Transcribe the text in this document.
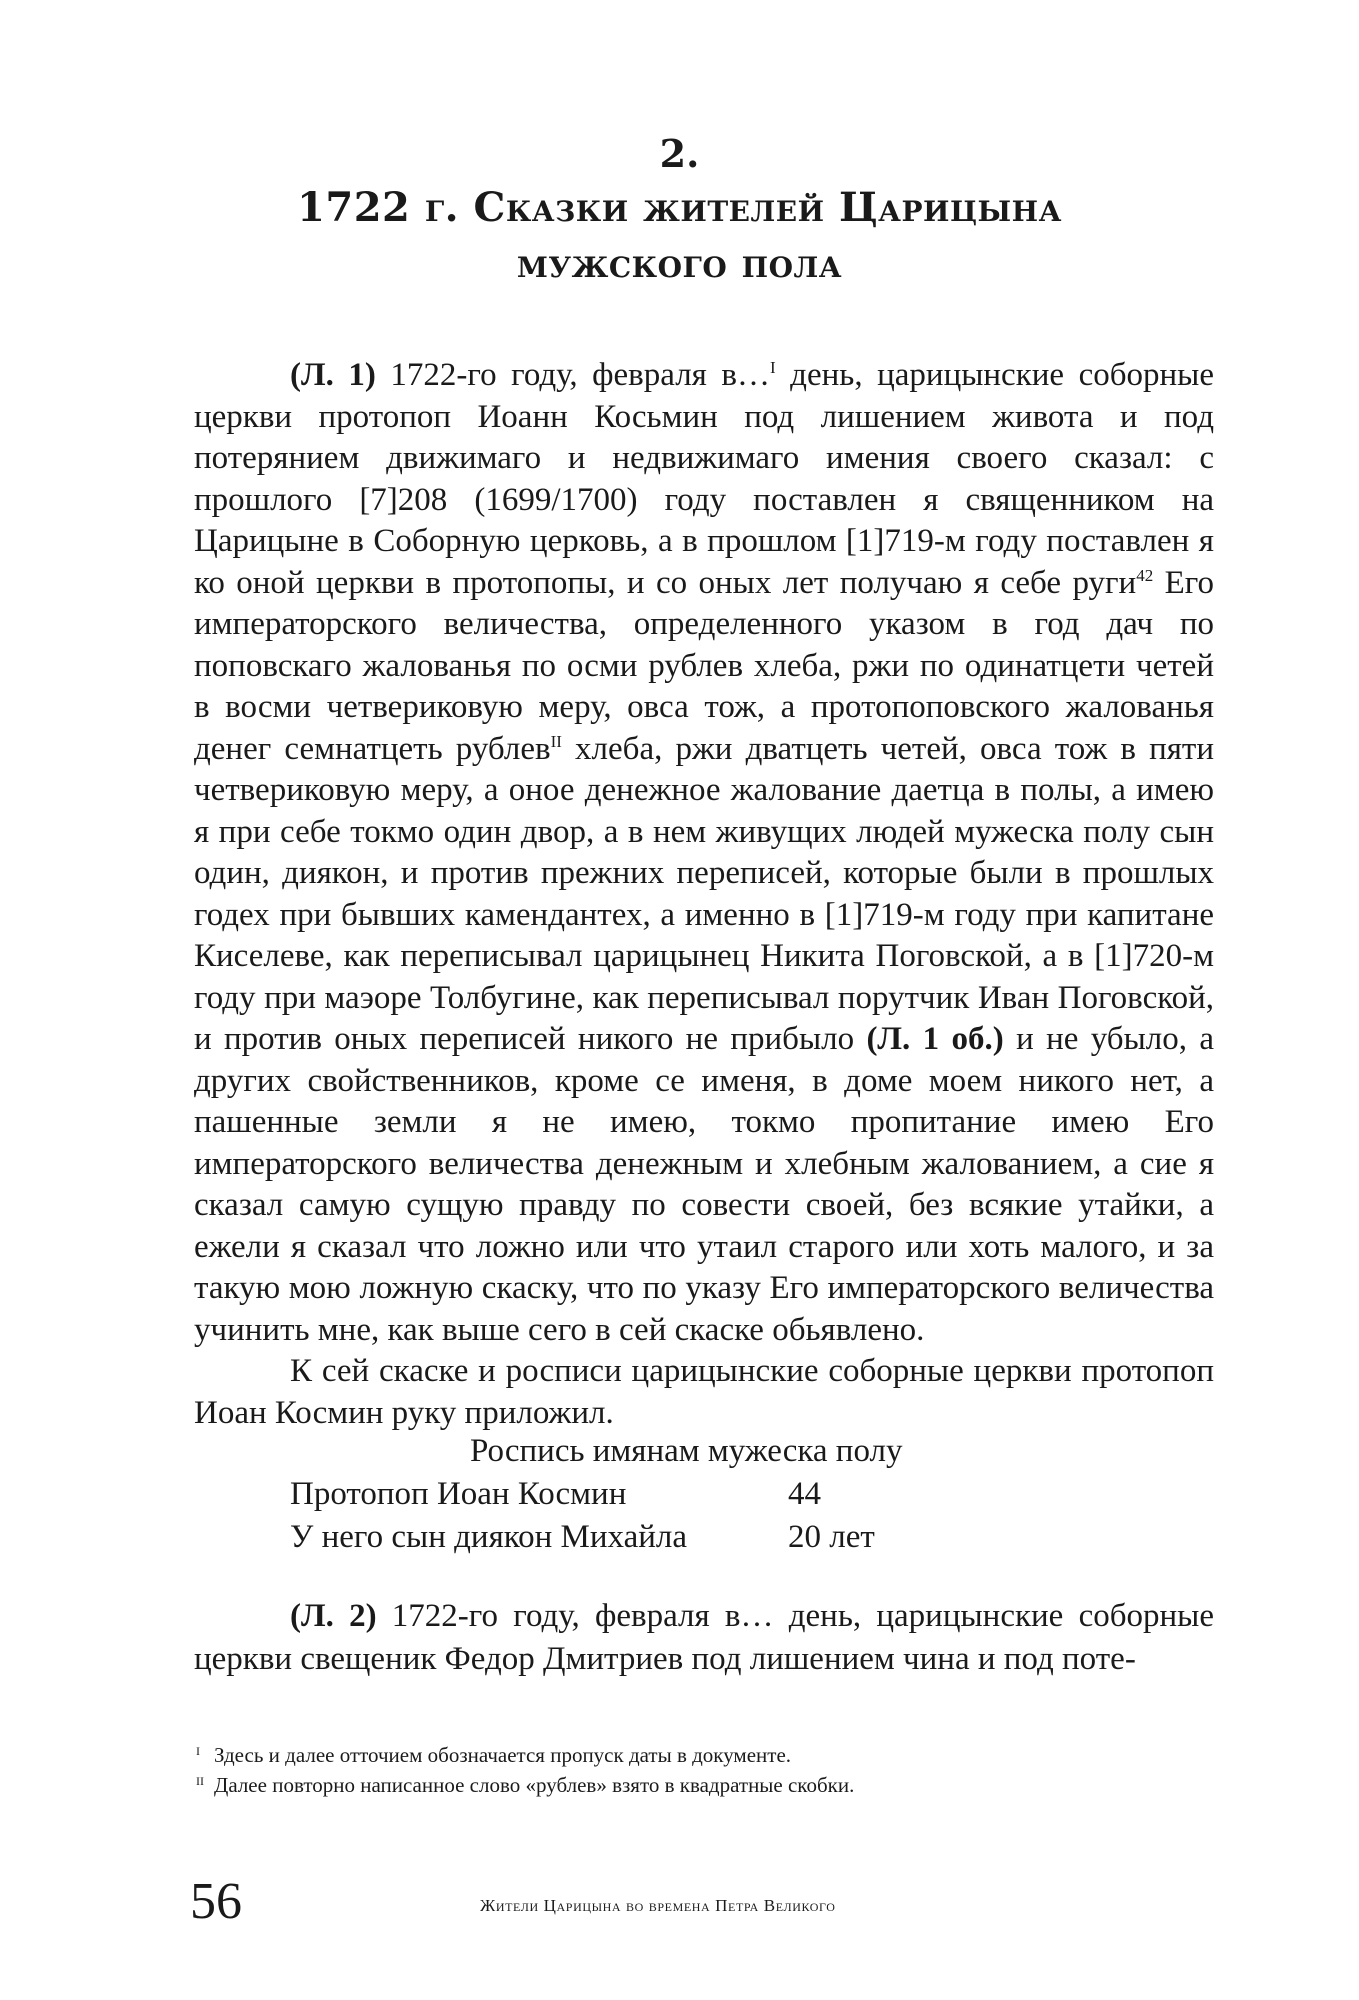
2.
1722 г. Сказки жителей Царицына
мужского пола

(Л. 1) 1722-го году, февраля в…$^I$ день, царицынские соборные церкви протопоп Иоанн Косьмин под лишением живота и под потерянием движимаго и недвижимаго имения своего сказал: с прошлого [7]208 (1699/1700) году поставлен я священником на Царицыне в Соборную церковь, а в прошлом [1]719-м году поставлен я ко оной церкви в протопопы, и со оных лет получаю я себе руги$^{42}$ Его императорского величества, определенного указом в год дач по поповскаго жалованья по осми рублев хлеба, ржи по одинатцети четей в восми четвериковую меру, овса тож, а протопоповского жалованья денег семнатцеть рублев$^{II}$ хлеба, ржи дватцеть четей, овса тож в пяти четвериковую меру, а оное денежное жалование даетца в полы, а имею я при себе токмо один двор, а в нем живущих людей мужеска полу сын один, диякон, и против прежних переписей, которые были в прошлых годех при бывших камендантех, а именно в [1]719-м году при капитане Киселеве, как переписывал царицынец Никита Поговской, а в [1]720-м году при маэоре Толбугине, как переписывал порутчик Иван Поговской, и против оных переписей никого не прибыло (Л. 1 об.) и не убыло, а других свойственников, кроме се именя, в доме моем никого нет, а пашенные земли я не имею, токмо пропитание имею Его императорского величества денежным и хлебным жалованием, а сие я сказал самую сущую правду по совести своей, без всякие утайки, а ежели я сказал что ложно или что утаил старого или хоть малого, и за такую мою ложную скаску, что по указу Его императорского величества учинить мне, как выше сего в сей скаске обьявлено.

К сей скаске и росписи царицынские соборные церкви протопоп Иоан Космин руку приложил.

Роспись имянам мужеска полу
Протопоп Иоан Космин	44
У него сын диякон Михайла	20 лет

(Л. 2) 1722-го году, февраля в… день, царицынские соборные церкви свещеник Федор Дмитриев под лишением чина и под поте-

I Здесь и далее отточием обозначается пропуск даты в документе.
II Далее повторно написанное слово «рублев» взято в квадратные скобки.
56	Жители Царицына во времена Петра Великого
